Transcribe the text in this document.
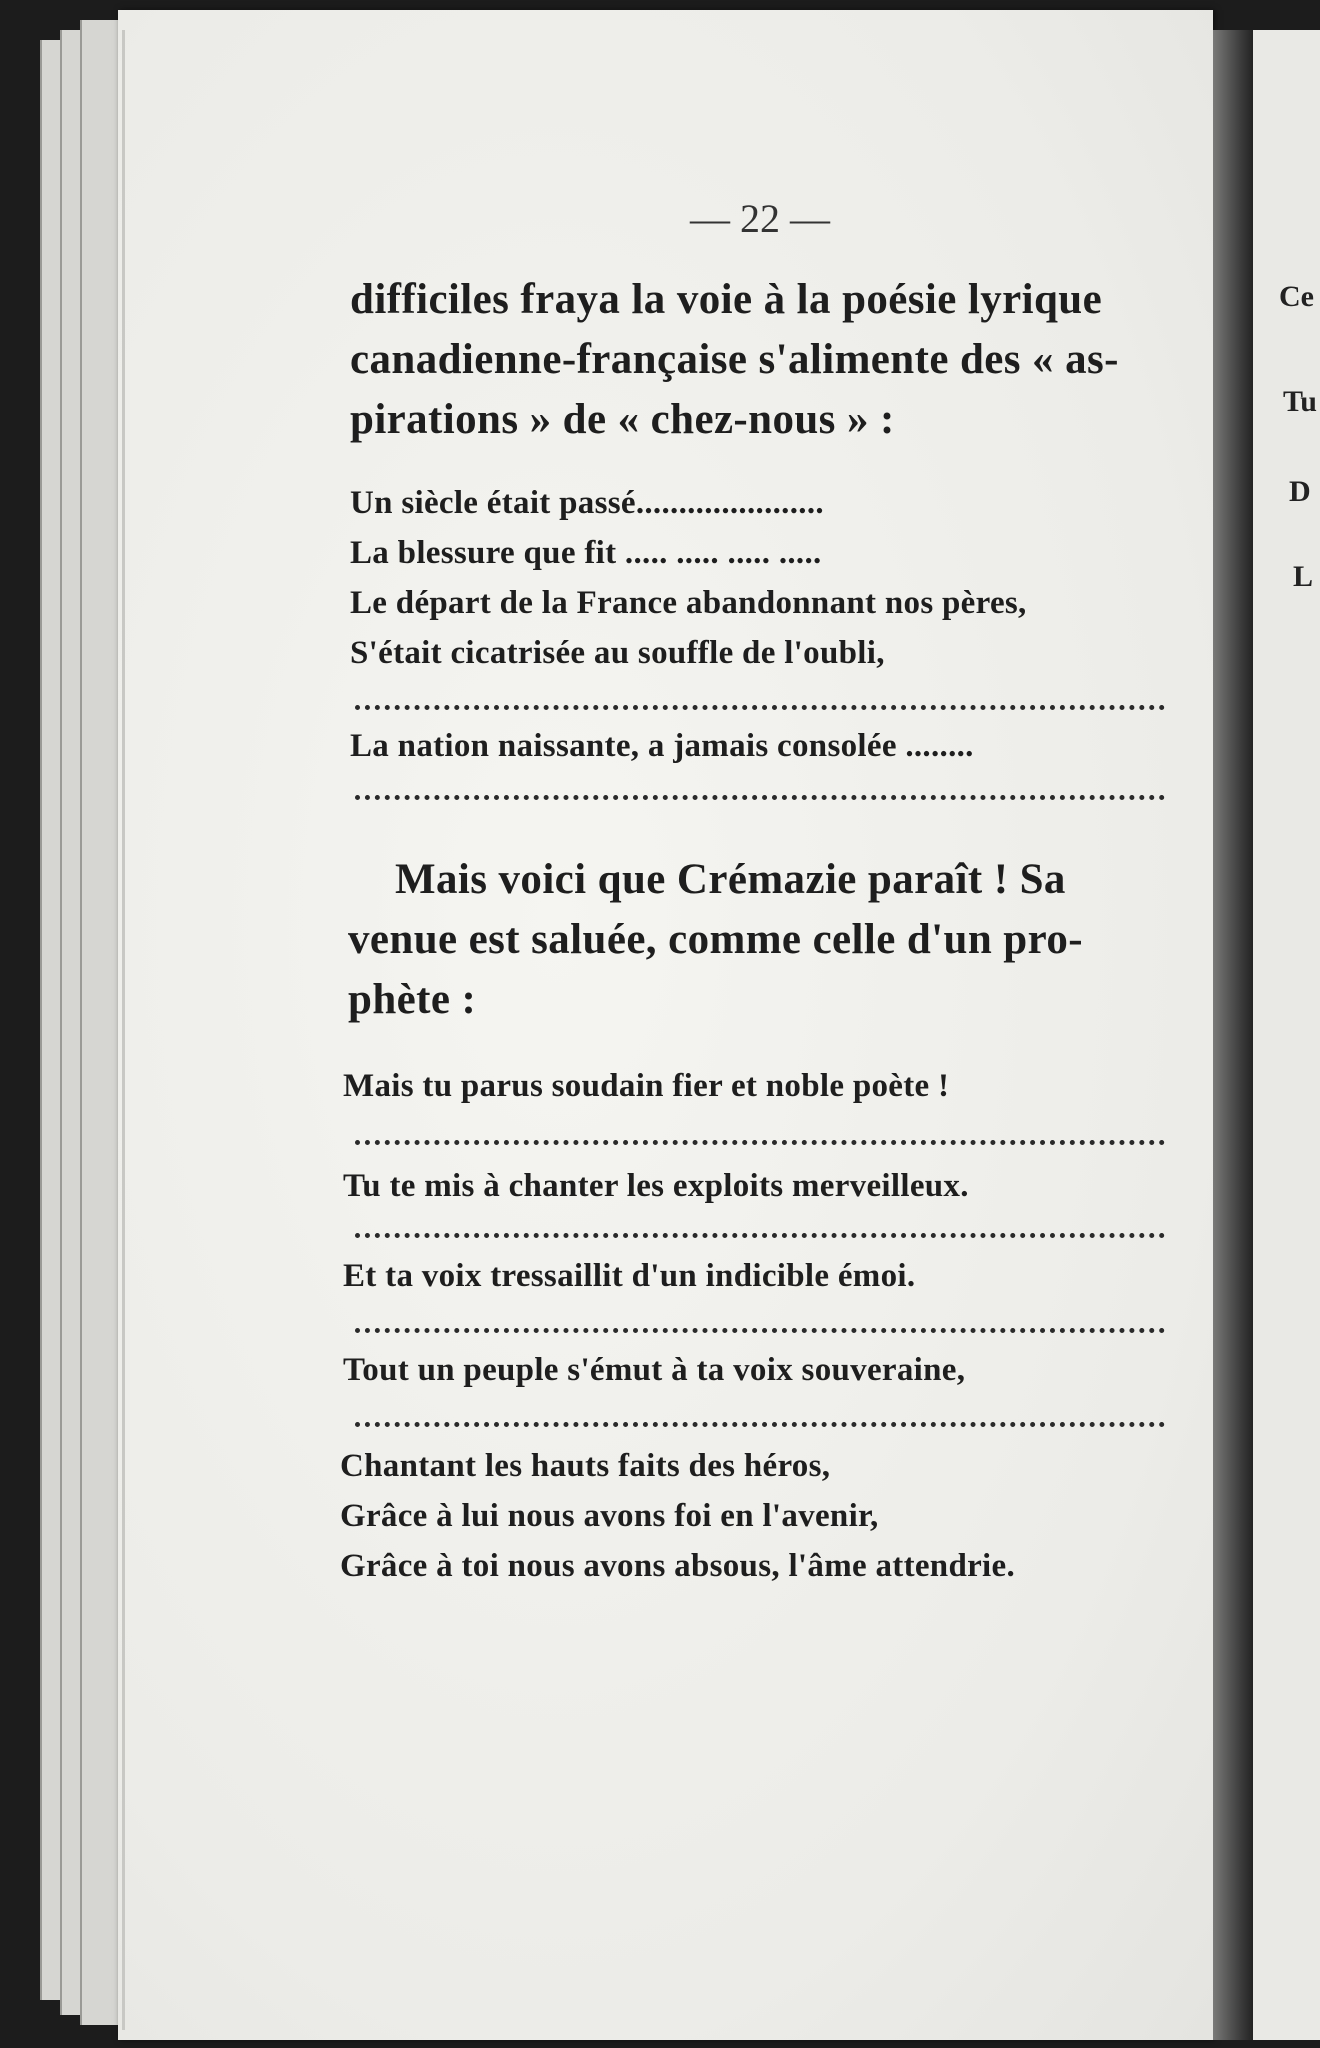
Ce
Tu
D
L
— 22 —
difficiles fraya la voie à la poésie lyrique
canadienne-française s'alimente des « as-
pirations » de « chez-nous » :
Un siècle était passé......................
La blessure que fit ..... ..... ..... .....
Le départ de la France abandonnant nos pères,
S'était cicatrisée au souffle de l'oubli,
La nation naissante, a jamais consolée ........
Mais voici que Crémazie paraît ! Sa
venue est saluée, comme celle d'un pro-
phète :
Mais tu parus soudain fier et noble poète !
Tu te mis à chanter les exploits merveilleux.
Et ta voix tressaillit d'un indicible émoi.
Tout un peuple s'émut à ta voix souveraine,
Chantant les hauts faits des héros,
Grâce à lui nous avons foi en l'avenir,
Grâce à toi nous avons absous, l'âme attendrie.
